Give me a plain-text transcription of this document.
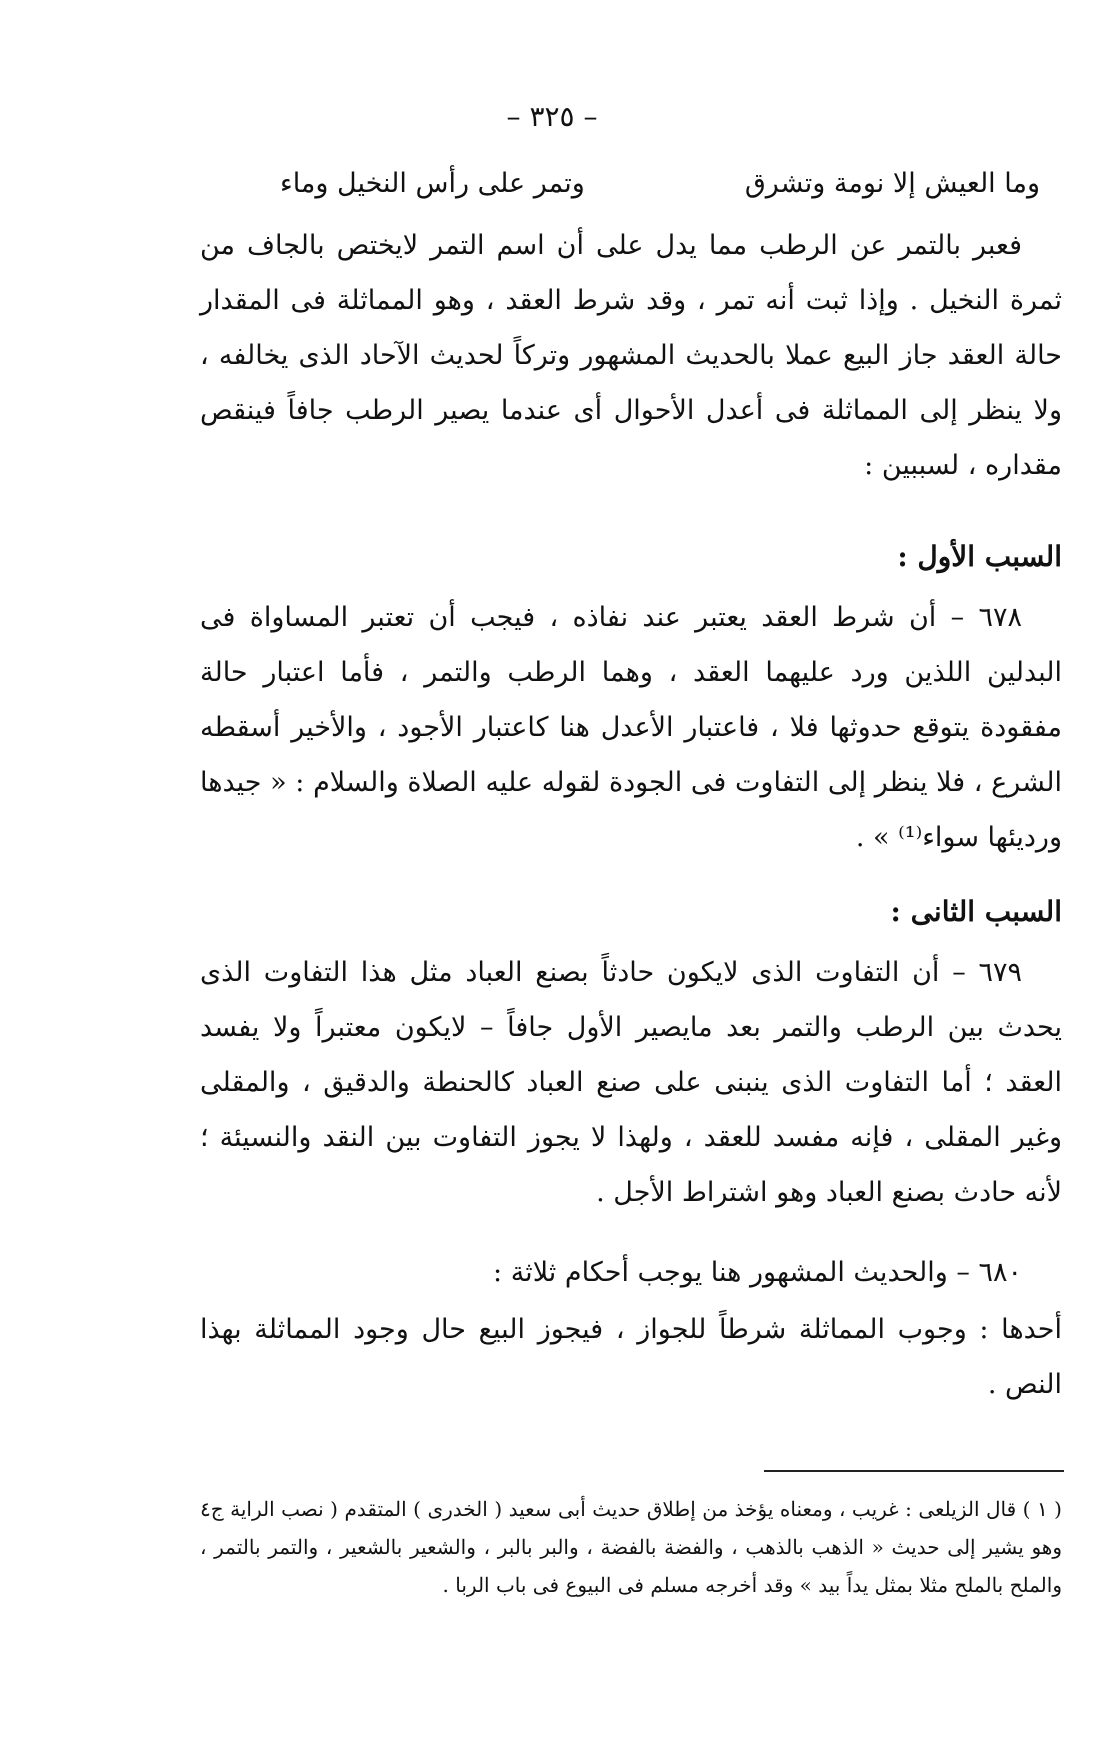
– ٣٢٥ –
وما العيش إلا نومة وتشرق
وتمر على رأس النخيل وماء

فعبر بالتمر عن الرطب مما يدل على أن اسم التمر لايختص بالجاف من ثمرة النخيل . وإذا ثبت أنه تمر ، وقد شرط العقد ، وهو المماثلة فى المقدار حالة العقد جاز البيع عملا بالحديث المشهور وتركاً لحديث الآحاد الذى يخالفه ، ولا ينظر إلى المماثلة فى أعدل الأحوال أى عندما يصير الرطب جافاً فينقص مقداره ، لسببين :

السبب الأول :

٦٧٨ – أن شرط العقد يعتبر عند نفاذه ، فيجب أن تعتبر المساواة فى البدلين اللذين ورد عليهما العقد ، وهما الرطب والتمر ، فأما اعتبار حالة مفقودة يتوقع حدوثها فلا ، فاعتبار الأعدل هنا كاعتبار الأجود ، والأخير أسقطه الشرع ، فلا ينظر إلى التفاوت فى الجودة لقوله عليه الصلاة والسلام : « جيدها ورديئها سواء⁽¹⁾ » .

السبب الثانى :

٦٧٩ – أن التفاوت الذى لايكون حادثاً بصنع العباد مثل هذا التفاوت الذى يحدث بين الرطب والتمر بعد مايصير الأول جافاً – لايكون معتبراً ولا يفسد العقد ؛ أما التفاوت الذى ينبنى على صنع العباد كالحنطة والدقيق ، والمقلى وغير المقلى ، فإنه مفسد للعقد ، ولهذا لا يجوز التفاوت بين النقد والنسيئة ؛ لأنه حادث بصنع العباد وهو اشتراط الأجل .

٦٨٠ – والحديث المشهور هنا يوجب أحكام ثلاثة :

أحدها : وجوب المماثلة شرطاً للجواز ، فيجوز البيع حال وجود المماثلة بهذا النص .

( ١ ) قال الزيلعى : غريب ، ومعناه يؤخذ من إطلاق حديث أبى سعيد ( الخدرى ) المتقدم ( نصب الراية ج٤ وهو يشير إلى حديث « الذهب بالذهب ، والفضة بالفضة ، والبر بالبر ، والشعير بالشعير ، والتمر بالتمر ، والملح بالملح مثلا بمثل يداً بيد » وقد أخرجه مسلم فى البيوع فى باب الربا .
